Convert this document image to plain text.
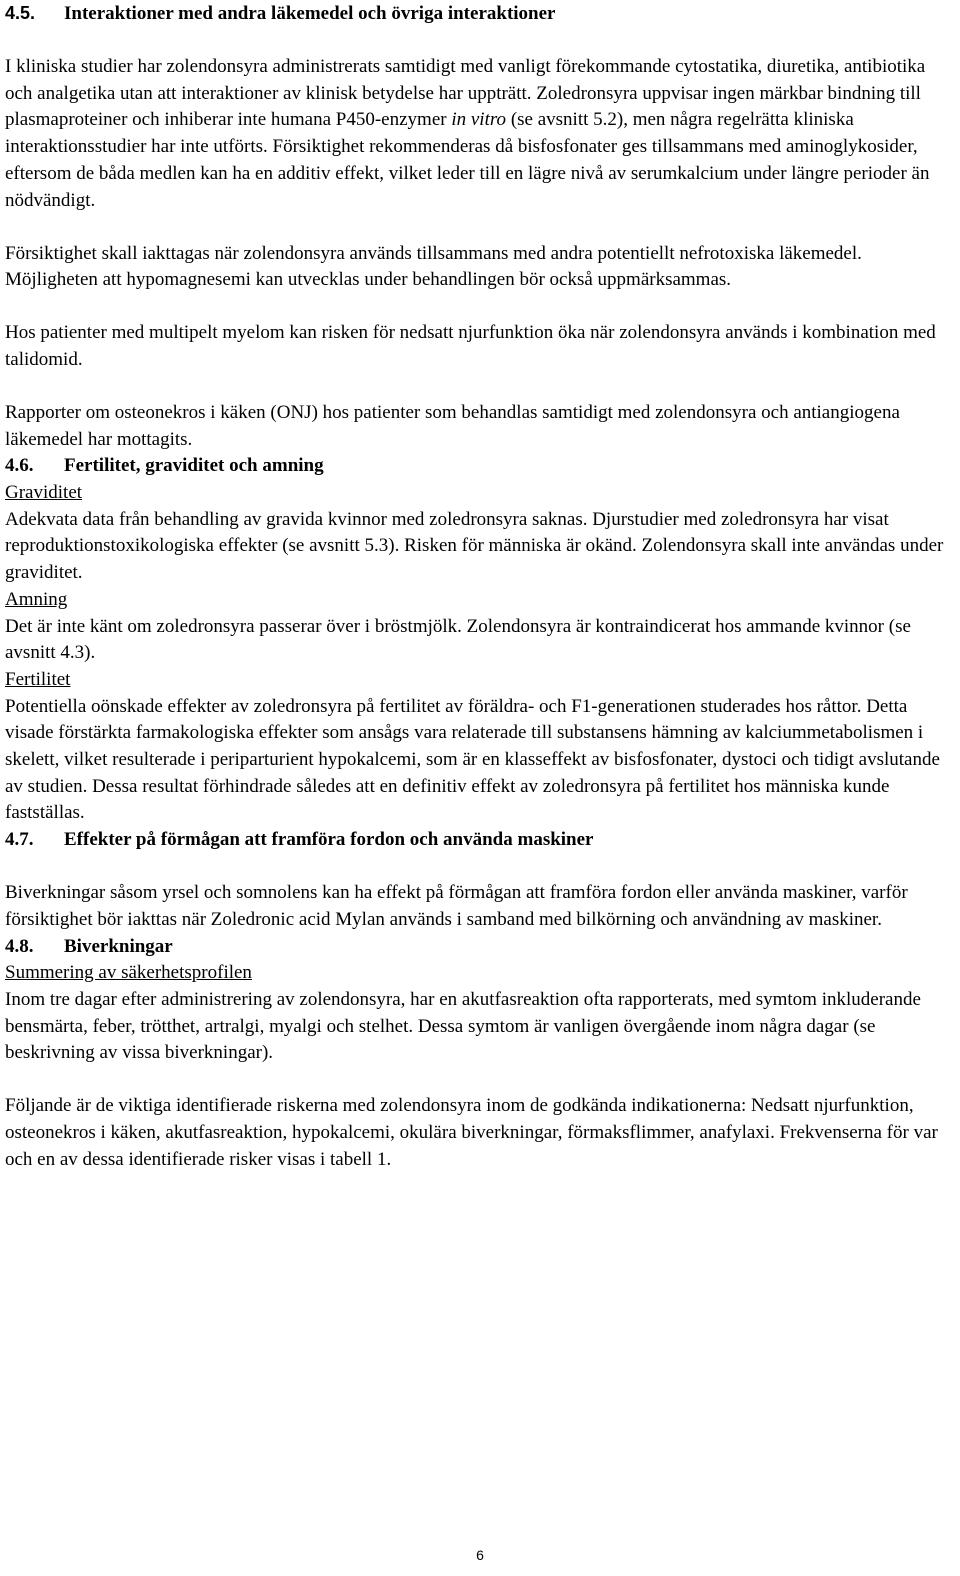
4.5. Interaktioner med andra läkemedel och övriga interaktioner

I kliniska studier har zolendonsyra administrerats samtidigt med vanligt förekommande cytostatika, diuretika, antibiotika och analgetika utan att interaktioner av klinisk betydelse har uppträtt. Zoledronsyra uppvisar ingen märkbar bindning till plasmaproteiner och inhiberar inte humana P450-enzymer in vitro (se avsnitt 5.2), men några regelrätta kliniska interaktionsstudier har inte utförts. Försiktighet rekommenderas då bisfosfonater ges tillsammans med aminoglykosider, eftersom de båda medlen kan ha en additiv effekt, vilket leder till en lägre nivå av serumkalcium under längre perioder än nödvändigt.

Försiktighet skall iakttagas när zolendonsyra används tillsammans med andra potentiellt nefrotoxiska läkemedel. Möjligheten att hypomagnesemi kan utvecklas under behandlingen bör också uppmärksammas.

Hos patienter med multipelt myelom kan risken för nedsatt njurfunktion öka när zolendonsyra används i kombination med talidomid.

Rapporter om osteonekros i käken (ONJ) hos patienter som behandlas samtidigt med zolendonsyra och antiangiogena läkemedel har mottagits.

4.6. Fertilitet, graviditet och amning

Graviditet

Adekvata data från behandling av gravida kvinnor med zoledronsyra saknas. Djurstudier med zoledronsyra har visat reproduktionstoxikologiska effekter (se avsnitt 5.3). Risken för människa är okänd. Zolendonsyra skall inte användas under graviditet.

Amning

Det är inte känt om zoledronsyra passerar över i bröstmjölk. Zolendonsyra är kontraindicerat hos ammande kvinnor (se avsnitt 4.3).

Fertilitet

Potentiella oönskade effekter av zoledronsyra på fertilitet av föräldra- och F1-generationen studerades hos råttor. Detta visade förstärkta farmakologiska effekter som ansågs vara relaterade till substansens hämning av kalciummetabolismen i skelett, vilket resulterade i periparturient hypokalcemi, som är en klasseffekt av bisfosfonater, dystoci och tidigt avslutande av studien. Dessa resultat förhindrade således att en definitiv effekt av zoledronsyra på fertilitet hos människa kunde fastställas.

4.7. Effekter på förmågan att framföra fordon och använda maskiner

Biverkningar såsom yrsel och somnolens kan ha effekt på förmågan att framföra fordon eller använda maskiner, varför försiktighet bör iakttas när Zoledronic acid Mylan används i samband med bilkörning och användning av maskiner.

4.8. Biverkningar

Summering av säkerhetsprofilen

Inom tre dagar efter administrering av zolendonsyra, har en akutfasreaktion ofta rapporterats, med symtom inkluderande bensmärta, feber, trötthet, artralgi, myalgi och stelhet. Dessa symtom är vanligen övergående inom några dagar (se beskrivning av vissa biverkningar).

Följande är de viktiga identifierade riskerna med zolendonsyra inom de godkända indikationerna: Nedsatt njurfunktion, osteonekros i käken, akutfasreaktion, hypokalcemi, okulära biverkningar, förmaksflimmer, anafylaxi. Frekvenserna för var och en av dessa identifierade risker visas i tabell 1.

6
